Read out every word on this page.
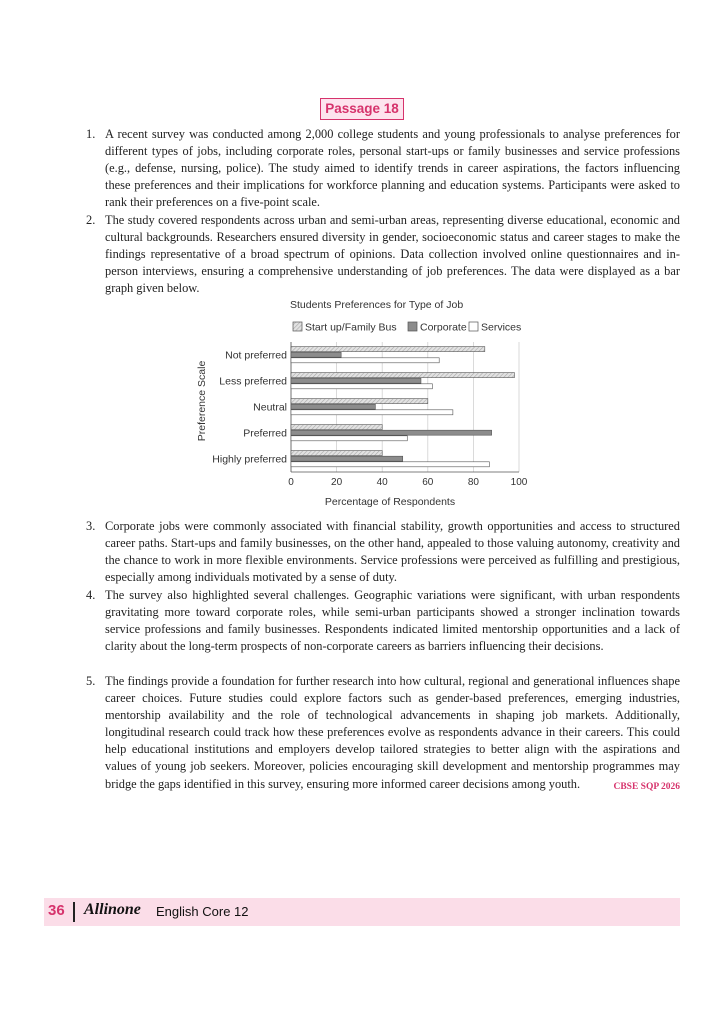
Passage 18
1. A recent survey was conducted among 2,000 college students and young professionals to analyse preferences for different types of jobs, including corporate roles, personal start-ups or family businesses and service professions (e.g., defense, nursing, police). The study aimed to identify trends in career aspirations, the factors influencing these preferences and their implications for workforce planning and education systems. Participants were asked to rank their preferences on a five-point scale.
2. The study covered respondents across urban and semi-urban areas, representing diverse educational, economic and cultural backgrounds. Researchers ensured diversity in gender, socioeconomic status and career stages to make the findings representative of a broad spectrum of opinions. Data collection involved online questionnaires and in-person interviews, ensuring a comprehensive understanding of job preferences. The data were displayed as a bar graph given below.
Students Preferences for Type of Job
Start up/Family Bus Corporate Services
0	20	40	60	80	100
Not preferred
Less preferred
Neutral
Preferred
Highly preferred
Percentage of Respondents
Preference Scale
3. Corporate jobs were commonly associated with financial stability, growth opportunities and access to structured career paths. Start-ups and family businesses, on the other hand, appealed to those valuing autonomy, creativity and the chance to work in more flexible environments. Service professions were perceived as fulfilling and prestigious, especially among individuals motivated by a sense of duty.
4. The survey also highlighted several challenges. Geographic variations were significant, with urban respondents gravitating more toward corporate roles, while semi-urban participants showed a stronger inclination towards service professions and family businesses. Respondents indicated limited mentorship opportunities and a lack of clarity about the long-term prospects of non-corporate careers as barriers influencing their decisions.
5. The findings provide a foundation for further research into how cultural, regional and generational influences shape career choices. Future studies could explore factors such as gender-based preferences, emerging industries, mentorship availability and the role of technological advancements in shaping job markets. Additionally, longitudinal research could track how these preferences evolve as respondents advance in their careers. This could help educational institutions and employers develop tailored strategies to better align with the aspirations and values of young job seekers. Moreover, policies encouraging skill development and mentorship programmes may bridge the gaps identified in this survey, ensuring more informed career decisions among youth.	CBSE SQP 2026
36 Allinone English Core 12
